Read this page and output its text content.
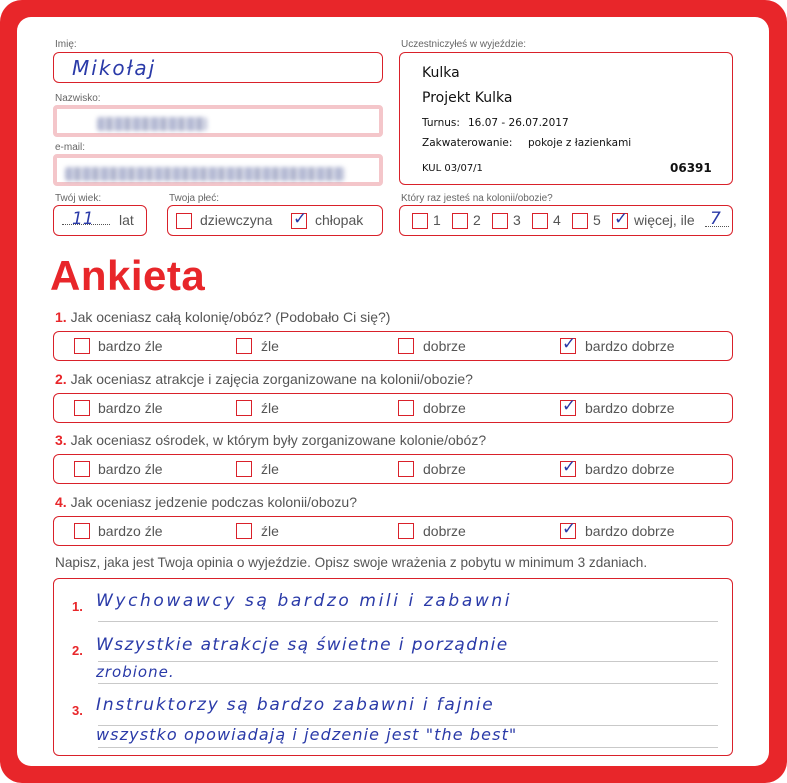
Imię:
Mikołaj
Nazwisko:
e-mail:
Twój wiek:
11 lat
Twoja płeć:
dziewczyna ✓ chłopak
Uczestniczyłeś w wyjeździe:
Kulka
Projekt Kulka
Turnus: 16.07 - 26.07.2017
Zakwaterowanie: pokoje z łazienkami
KUL 03/07/1	06391
Który raz jesteś na kolonii/obozie?
1 2 3 4 5 ✓ więcej, ile 7
Ankieta
1. Jak oceniasz całą kolonię/obóz? (Podobało Ci się?)
bardzo źle	źle	dobrze	✓ bardzo dobrze
2. Jak oceniasz atrakcje i zajęcia zorganizowane na kolonii/obozie?
bardzo źle	źle	dobrze	✓ bardzo dobrze
3. Jak oceniasz ośrodek, w którym były zorganizowane kolonie/obóz?
bardzo źle	źle	dobrze	✓ bardzo dobrze
4. Jak oceniasz jedzenie podczas kolonii/obozu?
bardzo źle	źle	dobrze	✓ bardzo dobrze
Napisz, jaka jest Twoja opinia o wyjeździe. Opisz swoje wrażenia z pobytu w minimum 3 zdaniach.
1. Wychowawcy są bardzo mili i zabawni
2. Wszystkie atrakcje są świetne i porządnie
zrobione.
3. Instruktorzy są bardzo zabawni i fajnie
wszystko opowiadają i jedzenie jest "the best"
